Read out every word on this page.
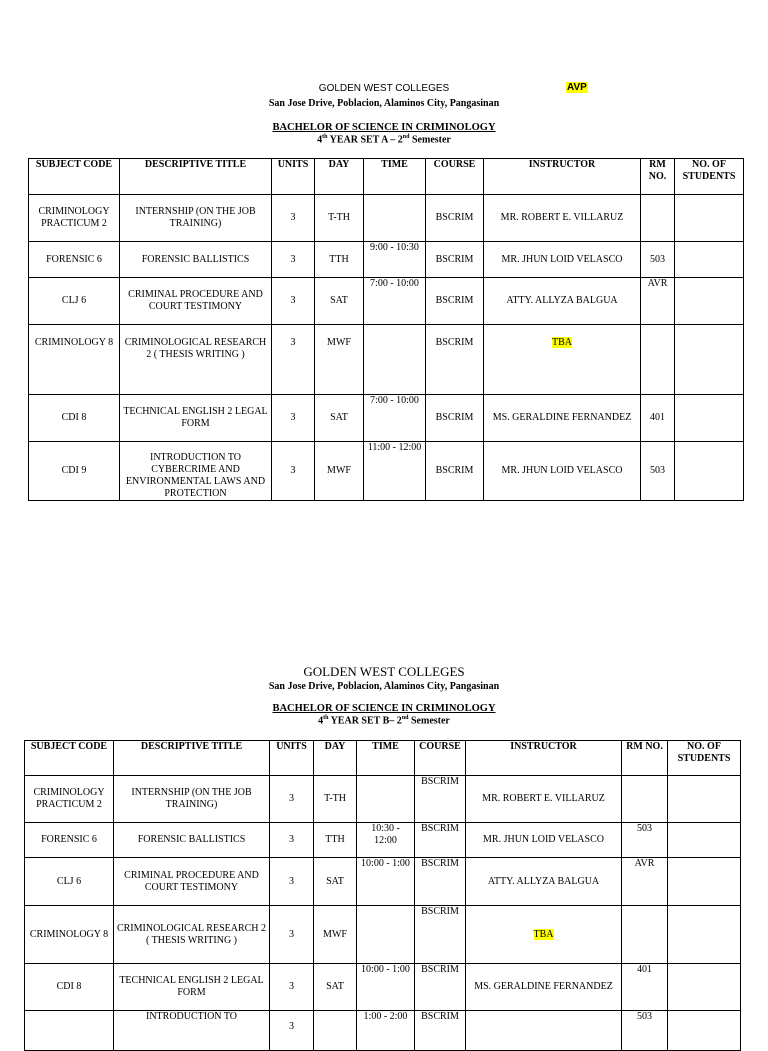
GOLDEN WEST COLLEGES	AVP
San Jose Drive, Poblacion, Alaminos City, Pangasinan
BACHELOR OF SCIENCE IN CRIMINOLOGY
4th YEAR SET A – 2nd Semester
SUBJECT CODE	DESCRIPTIVE TITLE	UNITS	DAY	TIME	COURSE	INSTRUCTOR	RM NO.	NO. OF STUDENTS
CRIMINOLOGY PRACTICUM 2	INTERNSHIP (ON THE JOB TRAINING)	3	T-TH		BSCRIM	MR. ROBERT E. VILLARUZ		
FORENSIC 6	FORENSIC BALLISTICS	3	TTH	9:00 - 10:30	BSCRIM	MR. JHUN LOID VELASCO	503	
CLJ 6	CRIMINAL PROCEDURE AND COURT TESTIMONY	3	SAT	7:00 - 10:00	BSCRIM	ATTY. ALLYZA BALGUA	AVR	
CRIMINOLOGY 8	CRIMINOLOGICAL RESEARCH 2 ( THESIS WRITING )	3	MWF		BSCRIM	TBA		
CDI 8	TECHNICAL ENGLISH 2 LEGAL FORM	3	SAT	7:00 - 10:00	BSCRIM	MS. GERALDINE FERNANDEZ	401	
CDI 9	INTRODUCTION TO CYBERCRIME AND ENVIRONMENTAL LAWS AND PROTECTION	3	MWF	11:00 - 12:00	BSCRIM	MR. JHUN LOID VELASCO	503	
GOLDEN WEST COLLEGES
San Jose Drive, Poblacion, Alaminos City, Pangasinan
BACHELOR OF SCIENCE IN CRIMINOLOGY
4th YEAR SET B– 2nd Semester
SUBJECT CODE	DESCRIPTIVE TITLE	UNITS	DAY	TIME	COURSE	INSTRUCTOR	RM NO.	NO. OF STUDENTS
CRIMINOLOGY PRACTICUM 2	INTERNSHIP (ON THE JOB TRAINING)	3	T-TH		BSCRIM	MR. ROBERT E. VILLARUZ		
FORENSIC 6	FORENSIC BALLISTICS	3	TTH	10:30 - 12:00	BSCRIM	MR. JHUN LOID VELASCO	503	
CLJ 6	CRIMINAL PROCEDURE AND COURT TESTIMONY	3	SAT	10:00 - 1:00	BSCRIM	ATTY. ALLYZA BALGUA	AVR	
CRIMINOLOGY 8	CRIMINOLOGICAL RESEARCH 2 ( THESIS WRITING )	3	MWF		BSCRIM	TBA		
CDI 8	TECHNICAL ENGLISH 2 LEGAL FORM	3	SAT	10:00 - 1:00	BSCRIM	MS. GERALDINE FERNANDEZ	401	
	INTRODUCTION TO	3		1:00 - 2:00	BSCRIM		503	
